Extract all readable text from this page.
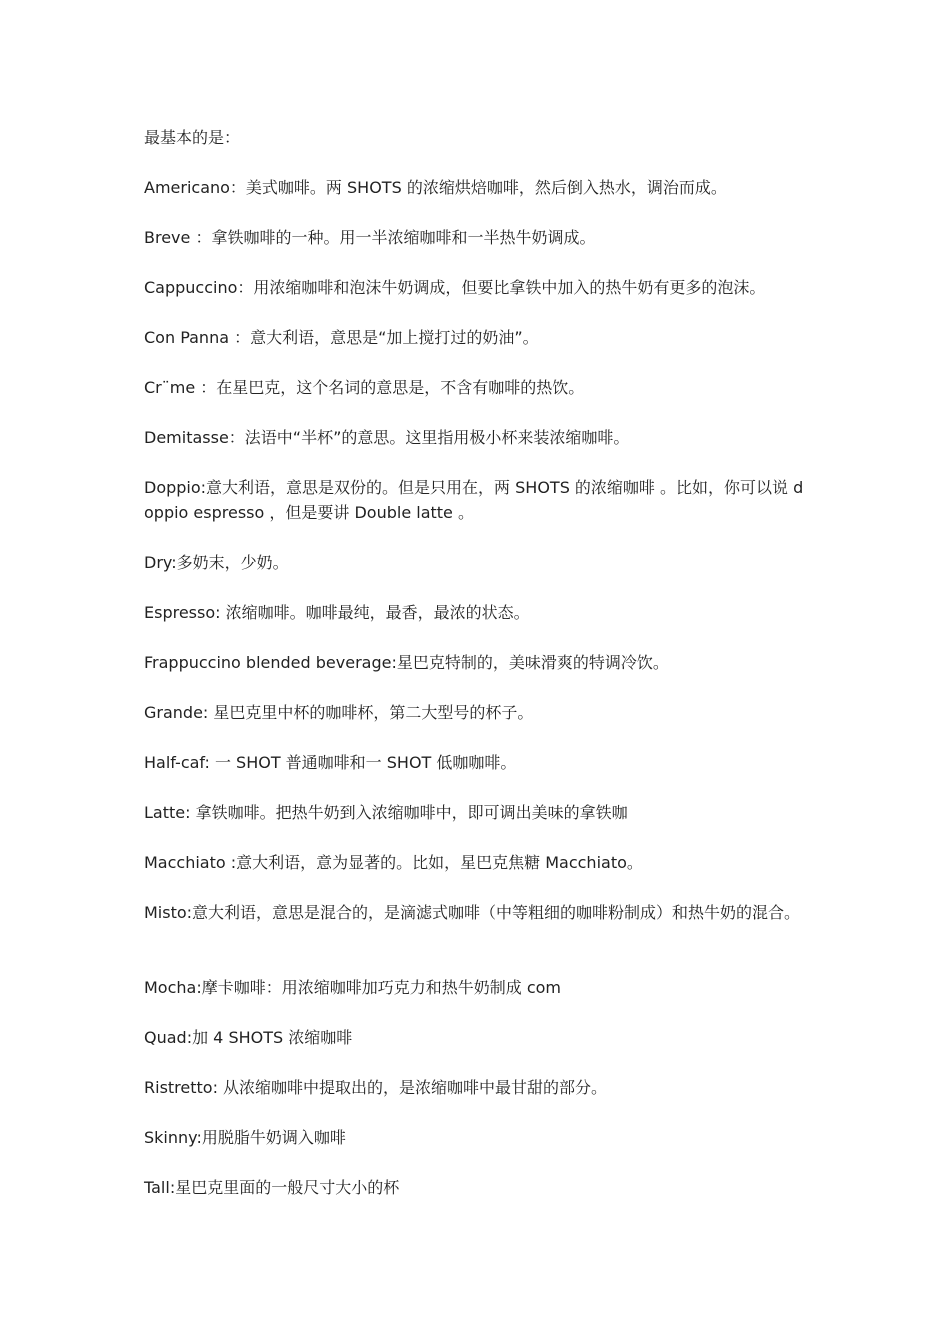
最基本的是：

Americano：美式咖啡。两 SHOTS 的浓缩烘焙咖啡，然后倒入热水，调治而成。

Breve ：拿铁咖啡的一种。用一半浓缩咖啡和一半热牛奶调成。

Cappuccino：用浓缩咖啡和泡沫牛奶调成，但要比拿铁中加入的热牛奶有更多的泡沫。

Con Panna ：意大利语，意思是“加上搅打过的奶油”。

Cr¨me ：在星巴克，这个名词的意思是，不含有咖啡的热饮。

Demitasse：法语中“半杯”的意思。这里指用极小杯来装浓缩咖啡。

Doppio:意大利语，意思是双份的。但是只用在，两 SHOTS 的浓缩咖啡 。比如，你可以说 doppio espresso ，但是要讲 Double latte 。

Dry:多奶末，少奶。

Espresso: 浓缩咖啡。咖啡最纯，最香，最浓的状态。

Frappuccino blended beverage:星巴克特制的，美味滑爽的特调冷饮。

Grande: 星巴克里中杯的咖啡杯，第二大型号的杯子。

Half-caf: 一 SHOT 普通咖啡和一 SHOT 低咖咖啡。

Latte: 拿铁咖啡。把热牛奶到入浓缩咖啡中，即可调出美味的拿铁咖

Macchiato :意大利语，意为显著的。比如，星巴克焦糖 Macchiato。

Misto:意大利语，意思是混合的，是滴滤式咖啡（中等粗细的咖啡粉制成）和热牛奶的混合。

Mocha:摩卡咖啡：用浓缩咖啡加巧克力和热牛奶制成 com

Quad:加 4 SHOTS 浓缩咖啡

Ristretto: 从浓缩咖啡中提取出的，是浓缩咖啡中最甘甜的部分。

Skinny:用脱脂牛奶调入咖啡

Tall:星巴克里面的一般尺寸大小的杯
